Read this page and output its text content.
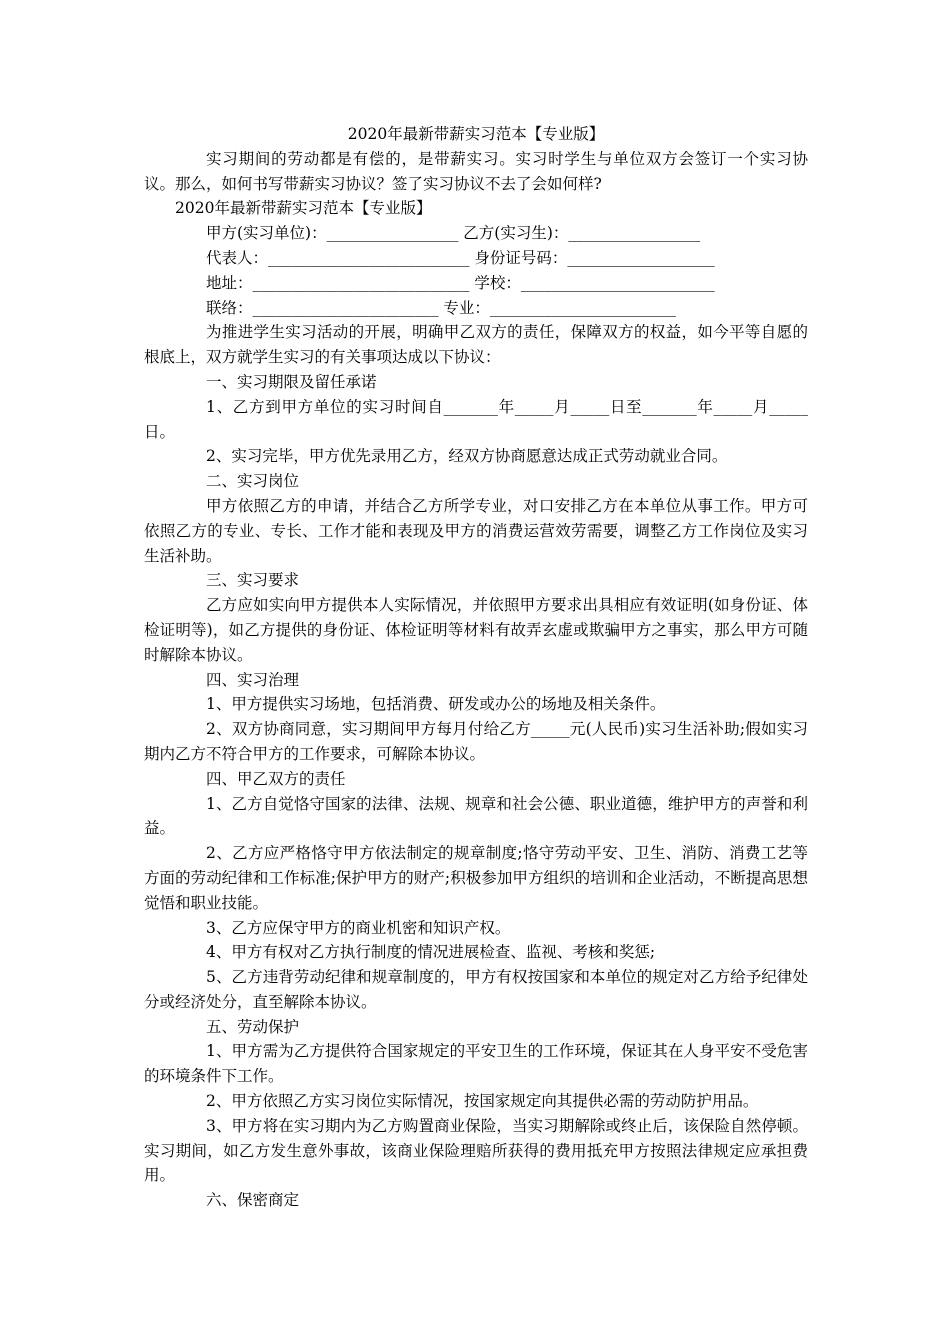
2020年最新带薪实习范本【专业版】

实习期间的劳动都是有偿的，是带薪实习。实习时学生与单位双方会签订一个实习协议。那么，如何书写带薪实习协议？签了实习协议不去了会如何样?

2020年最新带薪实习范本【专业版】

甲方(实习单位)：_________________ 乙方(实习生)：_________________

代表人：__________________________ 身份证号码：___________________

地址：____________________________ 学校：_________________________

联络：________________________ 专业：________________________

为推进学生实习活动的开展，明确甲乙双方的责任，保障双方的权益，如今平等自愿的根底上，双方就学生实习的有关事项达成以下协议：

一、实习期限及留任承诺

1、乙方到甲方单位的实习时间自_______年_____月_____日至_______年_____月_____日。

2、实习完毕，甲方优先录用乙方，经双方协商愿意达成正式劳动就业合同。

二、实习岗位

甲方依照乙方的申请，并结合乙方所学专业，对口安排乙方在本单位从事工作。甲方可依照乙方的专业、专长、工作才能和表现及甲方的消费运营效劳需要，调整乙方工作岗位及实习生活补助。

三、实习要求

乙方应如实向甲方提供本人实际情况，并依照甲方要求出具相应有效证明(如身份证、体检证明等)，如乙方提供的身份证、体检证明等材料有故弄玄虚或欺骗甲方之事实，那么甲方可随时解除本协议。

四、实习治理

1、甲方提供实习场地，包括消费、研发或办公的场地及相关条件。

2、双方协商同意，实习期间甲方每月付给乙方_____元(人民币)实习生活补助;假如实习期内乙方不符合甲方的工作要求，可解除本协议。

四、甲乙双方的责任

1、乙方自觉恪守国家的法律、法规、规章和社会公德、职业道德，维护甲方的声誉和利益。

2、乙方应严格恪守甲方依法制定的规章制度;恪守劳动平安、卫生、消防、消费工艺等方面的劳动纪律和工作标准;保护甲方的财产;积极参加甲方组织的培训和企业活动，不断提高思想觉悟和职业技能。

3、乙方应保守甲方的商业机密和知识产权。

4、甲方有权对乙方执行制度的情况进展检查、监视、考核和奖惩;

5、乙方违背劳动纪律和规章制度的，甲方有权按国家和本单位的规定对乙方给予纪律处分或经济处分，直至解除本协议。

五、劳动保护

1、甲方需为乙方提供符合国家规定的平安卫生的工作环境，保证其在人身平安不受危害的环境条件下工作。

2、甲方依照乙方实习岗位实际情况，按国家规定向其提供必需的劳动防护用品。

3、甲方将在实习期内为乙方购置商业保险，当实习期解除或终止后，该保险自然停顿。实习期间，如乙方发生意外事故，该商业保险理赔所获得的费用抵充甲方按照法律规定应承担费用。

六、保密商定
